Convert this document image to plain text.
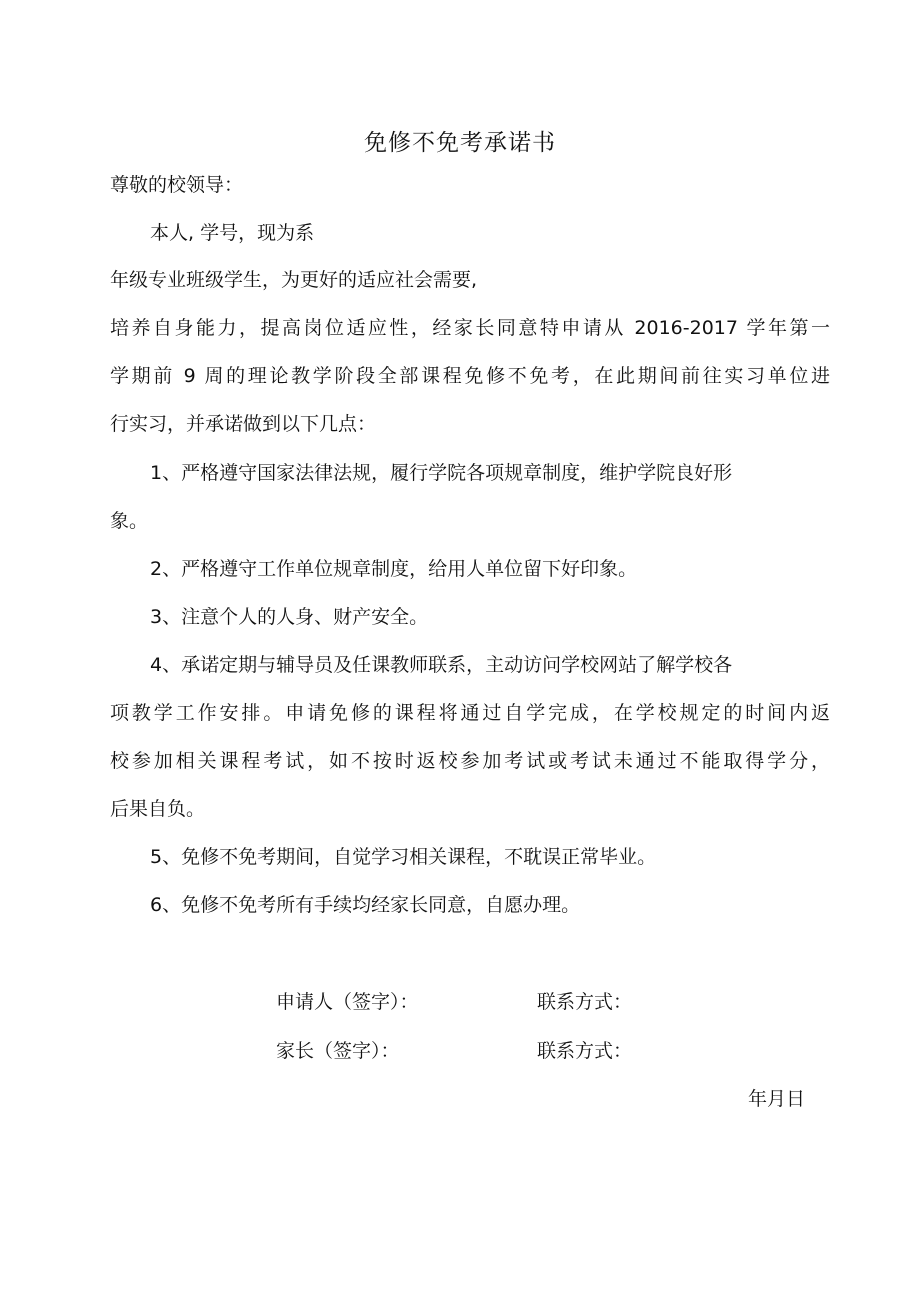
免修不免考承诺书
尊敬的校领导：
本人, 学号，现为系
年级专业班级学生，为更好的适应社会需要,
培养自身能力，提高岗位适应性，经家长同意特申请从 2016-2017 学年第一
学期前 9 周的理论教学阶段全部课程免修不免考，在此期间前往实习单位进
行实习，并承诺做到以下几点：
1、严格遵守国家法律法规，履行学院各项规章制度，维护学院良好形
象。
2、严格遵守工作单位规章制度，给用人单位留下好印象。
3、注意个人的人身、财产安全。
4、承诺定期与辅导员及任课教师联系，主动访问学校网站了解学校各
项教学工作安排。申请免修的课程将通过自学完成，在学校规定的时间内返
校参加相关课程考试，如不按时返校参加考试或考试未通过不能取得学分，
后果自负。
5、免修不免考期间，自觉学习相关课程，不耽误正常毕业。
6、免修不免考所有手续均经家长同意，自愿办理。
申请人（签字）：	联系方式：
家长（签字）：	联系方式：
年月日
